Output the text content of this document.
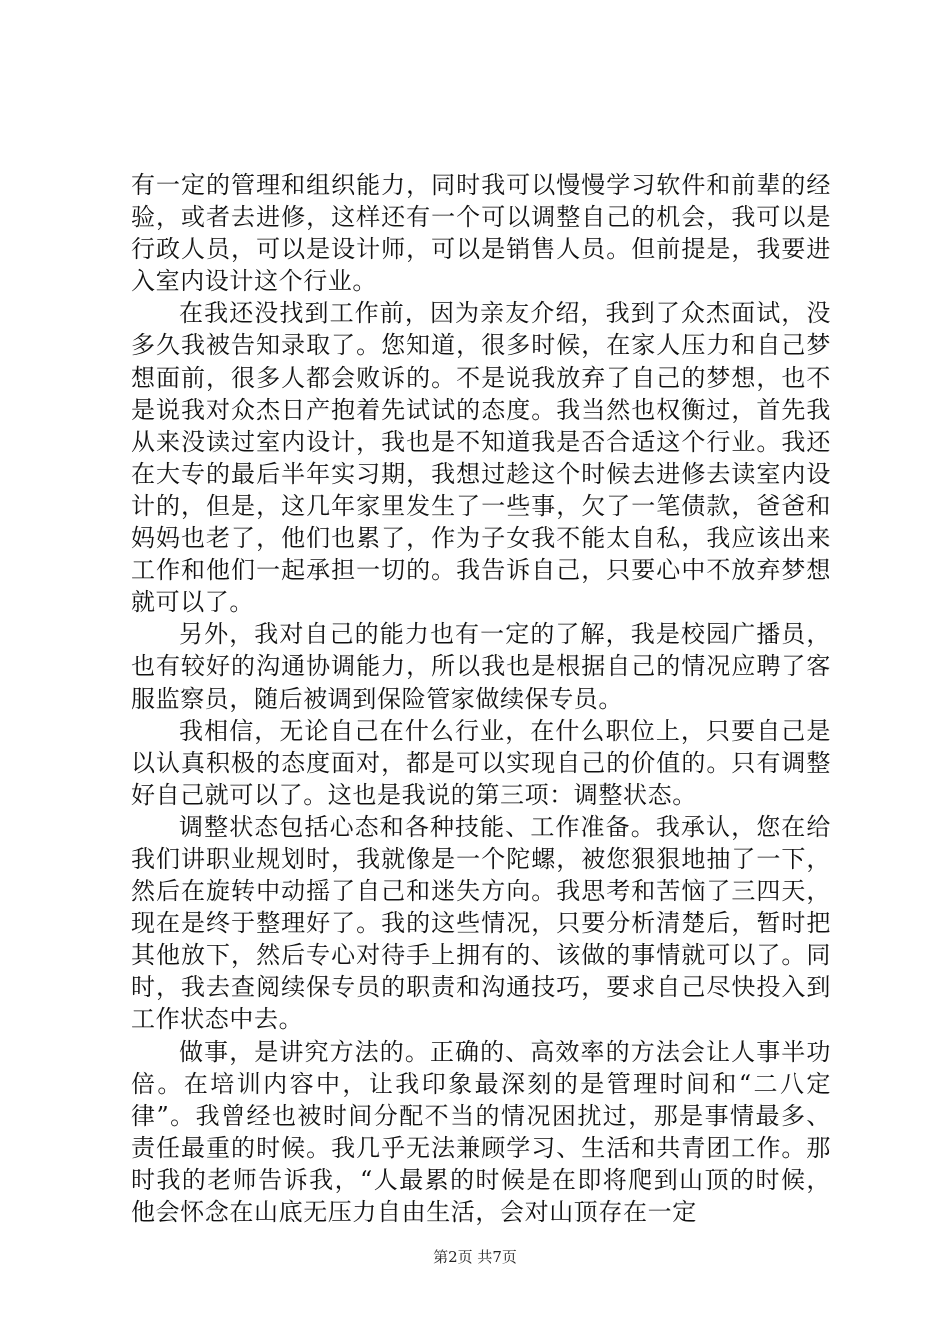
有一定的管理和组织能力，同时我可以慢慢学习软件和前辈的经验，或者去进修，这样还有一个可以调整自己的机会，我可以是行政人员，可以是设计师，可以是销售人员。但前提是，我要进入室内设计这个行业。

在我还没找到工作前，因为亲友介绍，我到了众杰面试，没多久我被告知录取了。您知道，很多时候，在家人压力和自己梦想面前，很多人都会败诉的。不是说我放弃了自己的梦想，也不是说我对众杰日产抱着先试试的态度。我当然也权衡过，首先我从来没读过室内设计，我也是不知道我是否合适这个行业。我还在大专的最后半年实习期，我想过趁这个时候去进修去读室内设计的，但是，这几年家里发生了一些事，欠了一笔债款，爸爸和妈妈也老了，他们也累了，作为子女我不能太自私，我应该出来工作和他们一起承担一切的。我告诉自己，只要心中不放弃梦想就可以了。

另外，我对自己的能力也有一定的了解，我是校园广播员，也有较好的沟通协调能力，所以我也是根据自己的情况应聘了客服监察员，随后被调到保险管家做续保专员。

我相信，无论自己在什么行业，在什么职位上，只要自己是以认真积极的态度面对，都是可以实现自己的价值的。只有调整好自己就可以了。这也是我说的第三项：调整状态。

调整状态包括心态和各种技能、工作准备。我承认，您在给我们讲职业规划时，我就像是一个陀螺，被您狠狠地抽了一下，然后在旋转中动摇了自己和迷失方向。我思考和苦恼了三四天，现在是终于整理好了。我的这些情况，只要分析清楚后，暂时把其他放下，然后专心对待手上拥有的、该做的事情就可以了。同时，我去查阅续保专员的职责和沟通技巧，要求自己尽快投入到工作状态中去。

做事，是讲究方法的。正确的、高效率的方法会让人事半功倍。在培训内容中，让我印象最深刻的是管理时间和“二八定律”。我曾经也被时间分配不当的情况困扰过，那是事情最多、责任最重的时候。我几乎无法兼顾学习、生活和共青团工作。那时我的老师告诉我，“人最累的时候是在即将爬到山顶的时候，他会怀念在山底无压力自由生活，会对山顶存在一定

第2页 共7页
